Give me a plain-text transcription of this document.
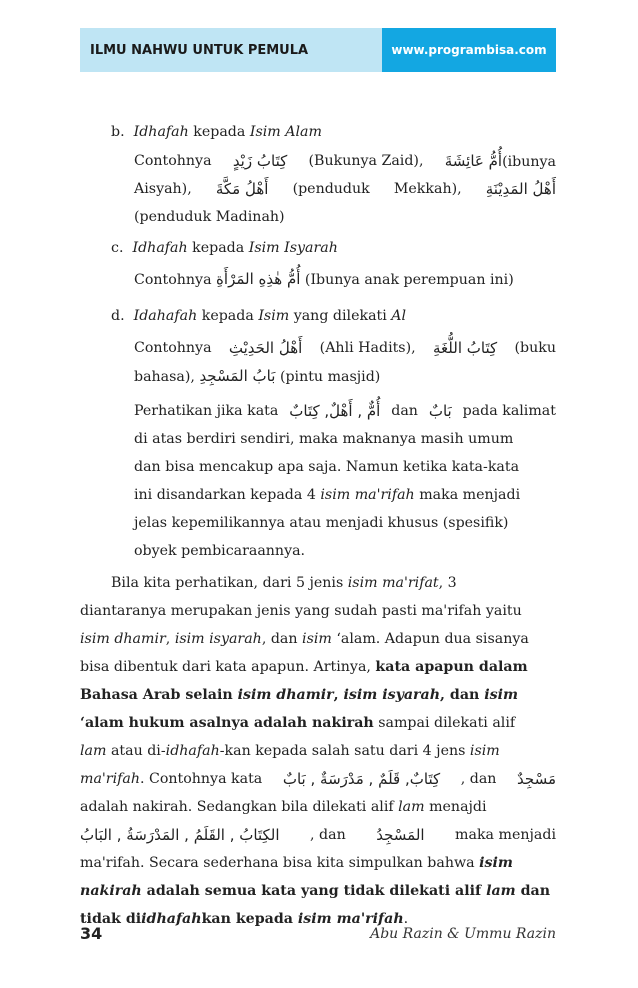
ILMU NAHWU UNTUK PEMULA	www.programbisa.com
b. Idhafah kepada Isim Alam
Contohnya كِتَابُ زَيْدٍ (Bukunya Zaid), أُمُّ عَائِشَةَ(ibunya
Aisyah), أَهْلُ مَكَّةَ (penduduk Mekkah), أَهْلُ المَدِيْنَةِ
(penduduk Madinah)
c. Idhafah kepada Isim Isyarah
Contohnya أُمُّ هٰذِهِ المَرْأَةِ (Ibunya anak perempuan ini)
d. Idahafah kepada Isim yang dilekati Al
Contohnya أَهْلُ الحَدِيْثِ (Ahli Hadits), كِتَابُ اللُّغَةِ (buku
bahasa), بَابُ المَسْجِدِ (pintu masjid)
Perhatikan jika kata أُمٌّ , أَهْلٌ, كِتَابٌ dan بَابٌ pada kalimat
di atas berdiri sendiri, maka maknanya masih umum
dan bisa mencakup apa saja. Namun ketika kata-kata
ini disandarkan kepada 4 isim ma'rifah maka menjadi
jelas kepemilikannya atau menjadi khusus (spesifik)
obyek pembicaraannya.
Bila kita perhatikan, dari 5 jenis isim ma'rifat, 3
diantaranya merupakan jenis yang sudah pasti ma'rifah yaitu
isim dhamir, isim isyarah, dan isim ‘alam. Adapun dua sisanya
bisa dibentuk dari kata apapun. Artinya, kata apapun dalam
Bahasa Arab selain isim dhamir, isim isyarah, dan isim
‘alam hukum asalnya adalah nakirah sampai dilekati alif
lam atau di-idhafah-kan kepada salah satu dari 4 jens isim
ma'rifah. Contohnya kata كِتَابٌ, قَلَمٌ , مَدْرَسَةٌ , بَابٌ , dan مَسْجِدٌ
adalah nakirah. Sedangkan bila dilekati alif lam menajdi
الكِتَابُ , القَلَمُ , المَدْرَسَةُ , البَابُ , dan المَسْجِدُ maka menjadi
ma'rifah. Secara sederhana bisa kita simpulkan bahwa isim
nakirah adalah semua kata yang tidak dilekati alif lam dan
tidak diidhafahkan kepada isim ma'rifah.
34	Abu Razin & Ummu Razin
